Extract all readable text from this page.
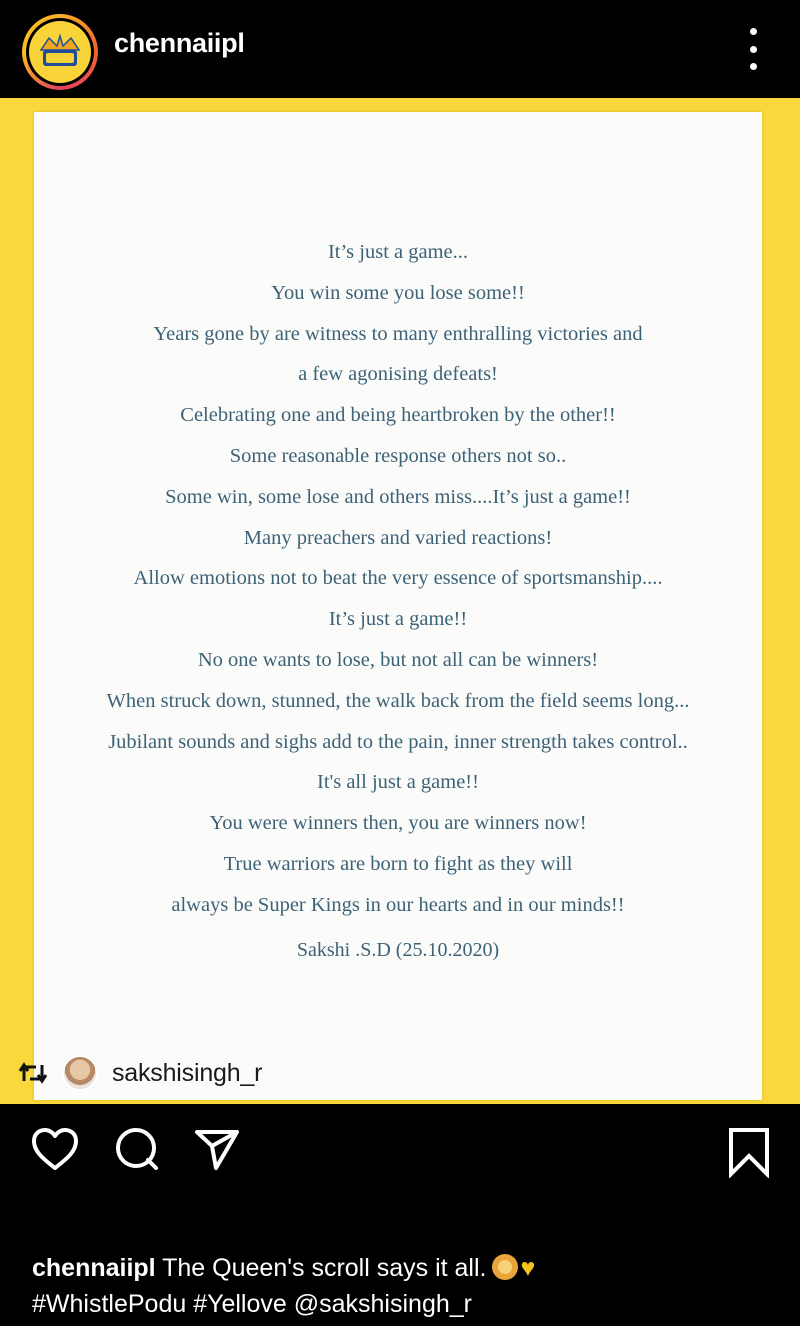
chennaiipl
It’s just a game...
You win some you lose some!!
Years gone by are witness to many enthralling victories and
a few agonising defeats!
Celebrating one and being heartbroken by the other!!
Some reasonable response others not so..
Some win, some lose and others miss....It’s just a game!!
Many preachers and varied reactions!
Allow emotions not to beat the very essence of sportsmanship....
It’s just a game!!
No one wants to lose, but not all can be winners!
When struck down, stunned, the walk back from the field seems long...
Jubilant sounds and sighs add to the pain, inner strength takes control..
It's all just a game!!
You were winners then, you are winners now!
True warriors are born to fight as they will
always be Super Kings in our hearts and in our minds!!
Sakshi .S.D (25.10.2020)
sakshisingh_r
chennaiipl The Queen's scroll says it all. ♥
#WhistlePodu #Yellove @sakshisingh_r
